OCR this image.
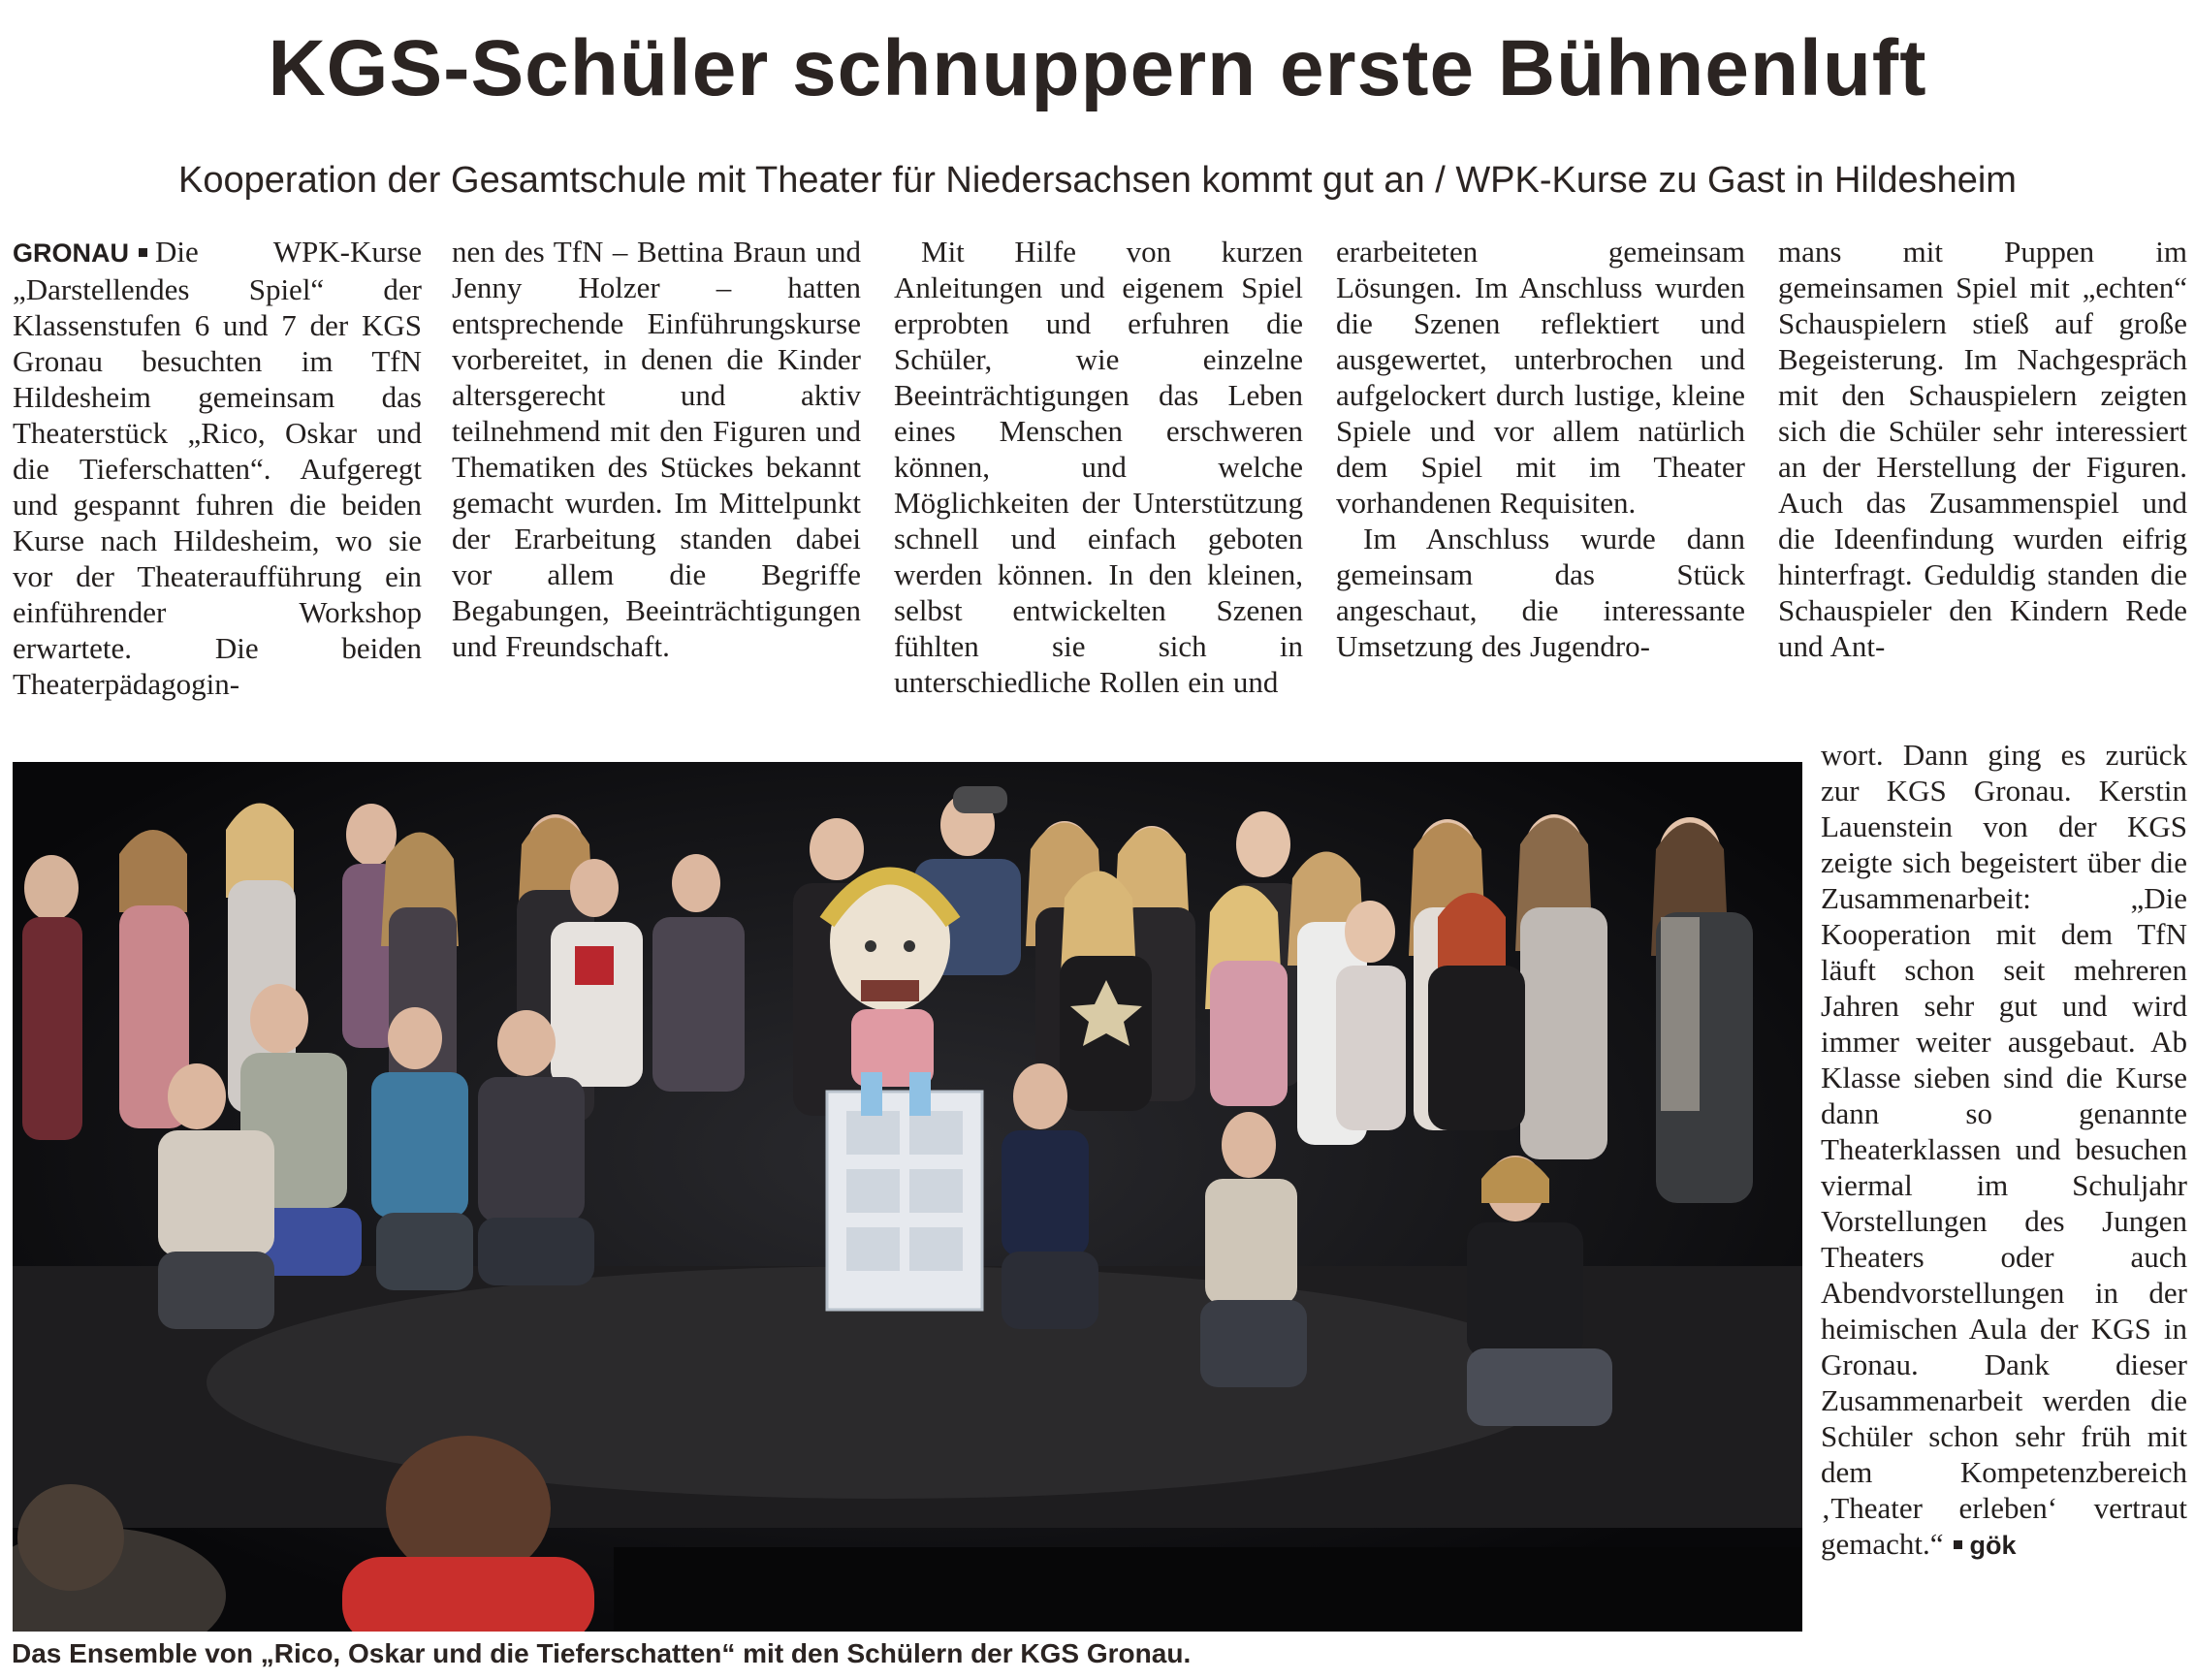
KGS-Schüler schnuppern erste Bühnenluft
Kooperation der Gesamtschule mit Theater für Niedersachsen kommt gut an / WPK-Kurse zu Gast in Hildesheim

GRONAU Die WPK-Kurse „Darstellendes Spiel“ der Klassenstufen 6 und 7 der KGS Gronau besuchten im TfN Hildesheim gemeinsam das Theaterstück „Rico, Oskar und die Tieferschatten“. Aufgeregt und gespannt fuhren die beiden Kurse nach Hildesheim, wo sie vor der Theateraufführung ein einführender Workshop erwartete. Die beiden Theaterpädagogin-

nen des TfN – Bettina Braun und Jenny Holzer – hatten entsprechende Einführungskurse vorbereitet, in denen die Kinder altersgerecht und aktiv teilnehmend mit den Figuren und Thematiken des Stückes bekannt gemacht wurden. Im Mittelpunkt der Erarbeitung standen dabei vor allem die Begriffe Begabungen, Beeinträchtigungen und Freundschaft.

Mit Hilfe von kurzen Anleitungen und eigenem Spiel erprobten und erfuhren die Schüler, wie einzelne Beeinträchtigungen das Leben eines Menschen erschweren können, und welche Möglichkeiten der Unterstützung schnell und einfach geboten werden können. In den kleinen, selbst entwickelten Szenen fühlten sie sich in unterschiedliche Rollen ein und

erarbeiteten gemeinsam Lösungen. Im Anschluss wurden die Szenen reflektiert und ausgewertet, unterbrochen und aufgelockert durch lustige, kleine Spiele und vor allem natürlich dem Spiel mit im Theater vorhandenen Requisiten.

Im Anschluss wurde dann gemeinsam das Stück angeschaut, die interessante Umsetzung des Jugendro-

mans mit Puppen im gemeinsamen Spiel mit „echten“ Schauspielern stieß auf große Begeisterung. Im Nachgespräch mit den Schauspielern zeigten sich die Schüler sehr interessiert an der Herstellung der Figuren. Auch das Zusammenspiel und die Ideenfindung wurden eifrig hinterfragt. Geduldig standen die Schauspieler den Kindern Rede und Ant-

wort. Dann ging es zurück zur KGS Gronau. Kerstin Lauenstein von der KGS zeigte sich begeistert über die Zusammenarbeit: „Die Kooperation mit dem TfN läuft schon seit mehreren Jahren sehr gut und wird immer weiter ausgebaut. Ab Klasse sieben sind die Kurse dann so genannte Theaterklassen und besuchen viermal im Schuljahr Vorstellungen des Jungen Theaters oder auch Abendvorstellungen in der heimischen Aula der KGS in Gronau. Dank dieser Zusammenarbeit werden die Schüler schon sehr früh mit dem Kompetenzbereich ‚Theater erleben‘ vertraut gemacht.“ gök

Das Ensemble von „Rico, Oskar und die Tieferschatten“ mit den Schülern der KGS Gronau.
